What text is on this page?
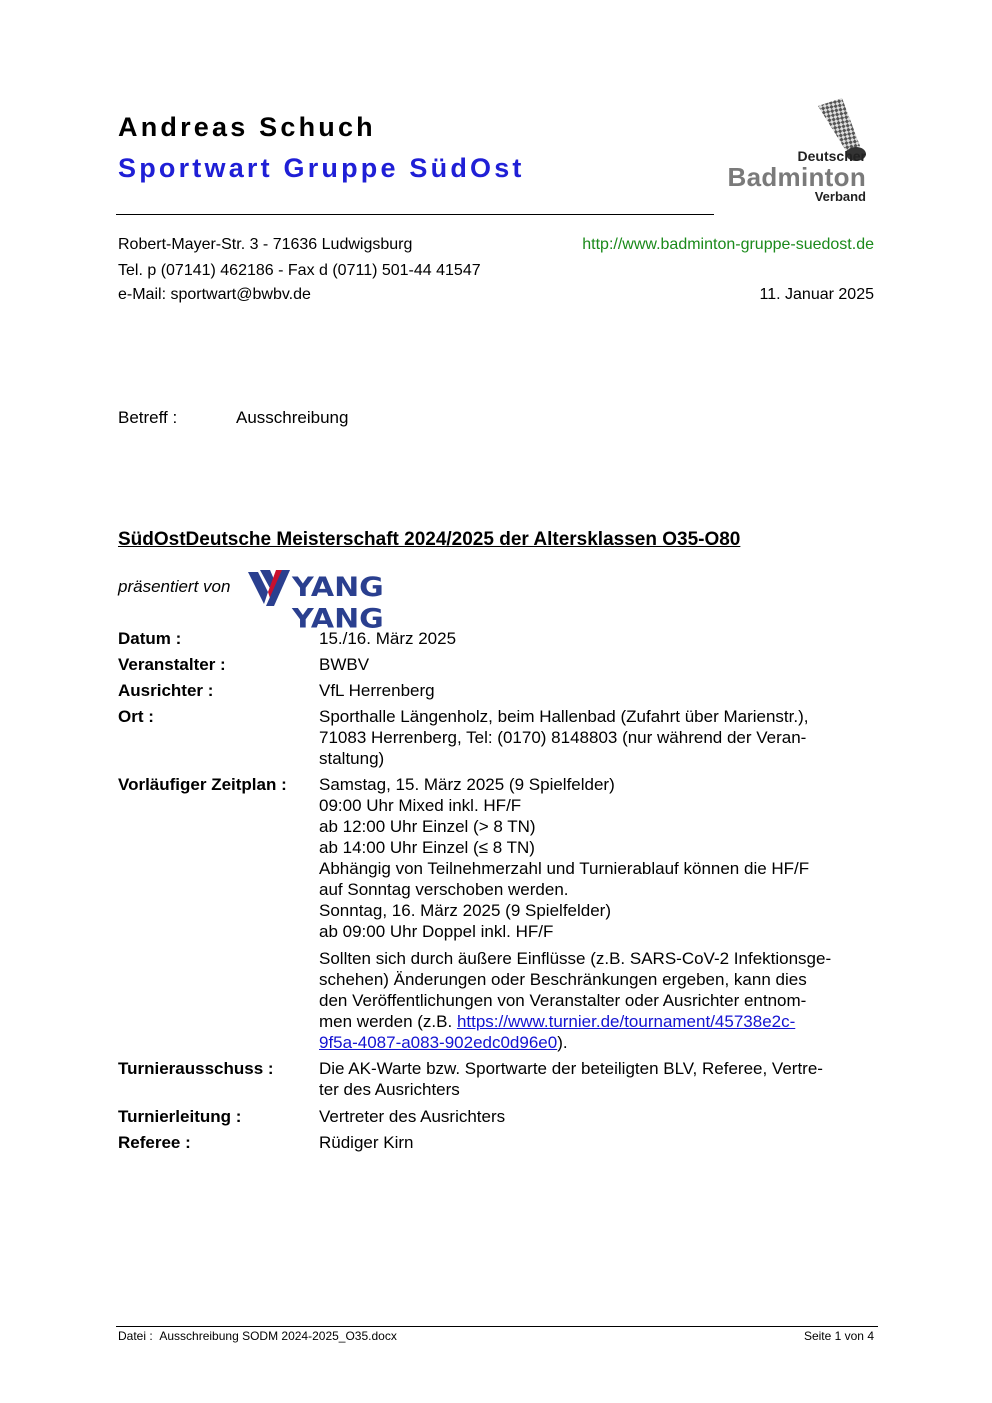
Andreas Schuch
Sportwart Gruppe SüdOst	Deutscher
Badminton
Verband
Robert-Mayer-Str. 3 - 71636 Ludwigsburg
Tel. p (07141) 462186 - Fax d (0711) 501-44 41547
e-Mail: sportwart@bwbv.de
http://www.badminton-gruppe-suedost.de
11. Januar 2025
Betreff :	Ausschreibung
SüdOstDeutsche Meisterschaft 2024/2025 der Altersklassen O35-O80
präsentiert von YANG YANG
Datum :	15./16. März 2025
Veranstalter :	BWBV
Ausrichter :	VfL Herrenberg
Ort :	Sporthalle Längenholz, beim Hallenbad (Zufahrt über Marienstr.),
71083 Herrenberg, Tel: (0170) 8148803 (nur während der Veran-
staltung)
Vorläufiger Zeitplan : Samstag, 15. März 2025 (9 Spielfelder)
09:00 Uhr Mixed inkl. HF/F
ab 12:00 Uhr Einzel (> 8 TN)
ab 14:00 Uhr Einzel (≤ 8 TN)
Abhängig von Teilnehmerzahl und Turnierablauf können die HF/F
auf Sonntag verschoben werden.
Sonntag, 16. März 2025 (9 Spielfelder)
ab 09:00 Uhr Doppel inkl. HF/F
Sollten sich durch äußere Einflüsse (z.B. SARS-CoV-2 Infektionsge-
schehen) Änderungen oder Beschränkungen ergeben, kann dies
den Veröffentlichungen von Veranstalter oder Ausrichter entnom-
men werden (z.B. https://www.turnier.de/tournament/45738e2c-
9f5a-4087-a083-902edc0d96e0).
Turnierausschuss :	Die AK-Warte bzw. Sportwarte der beteiligten BLV, Referee, Vertre-
ter des Ausrichters
Turnierleitung :	Vertreter des Ausrichters
Referee :	Rüdiger Kirn
Datei : Ausschreibung SODM 2024-2025_O35.docx	Seite 1 von 4
